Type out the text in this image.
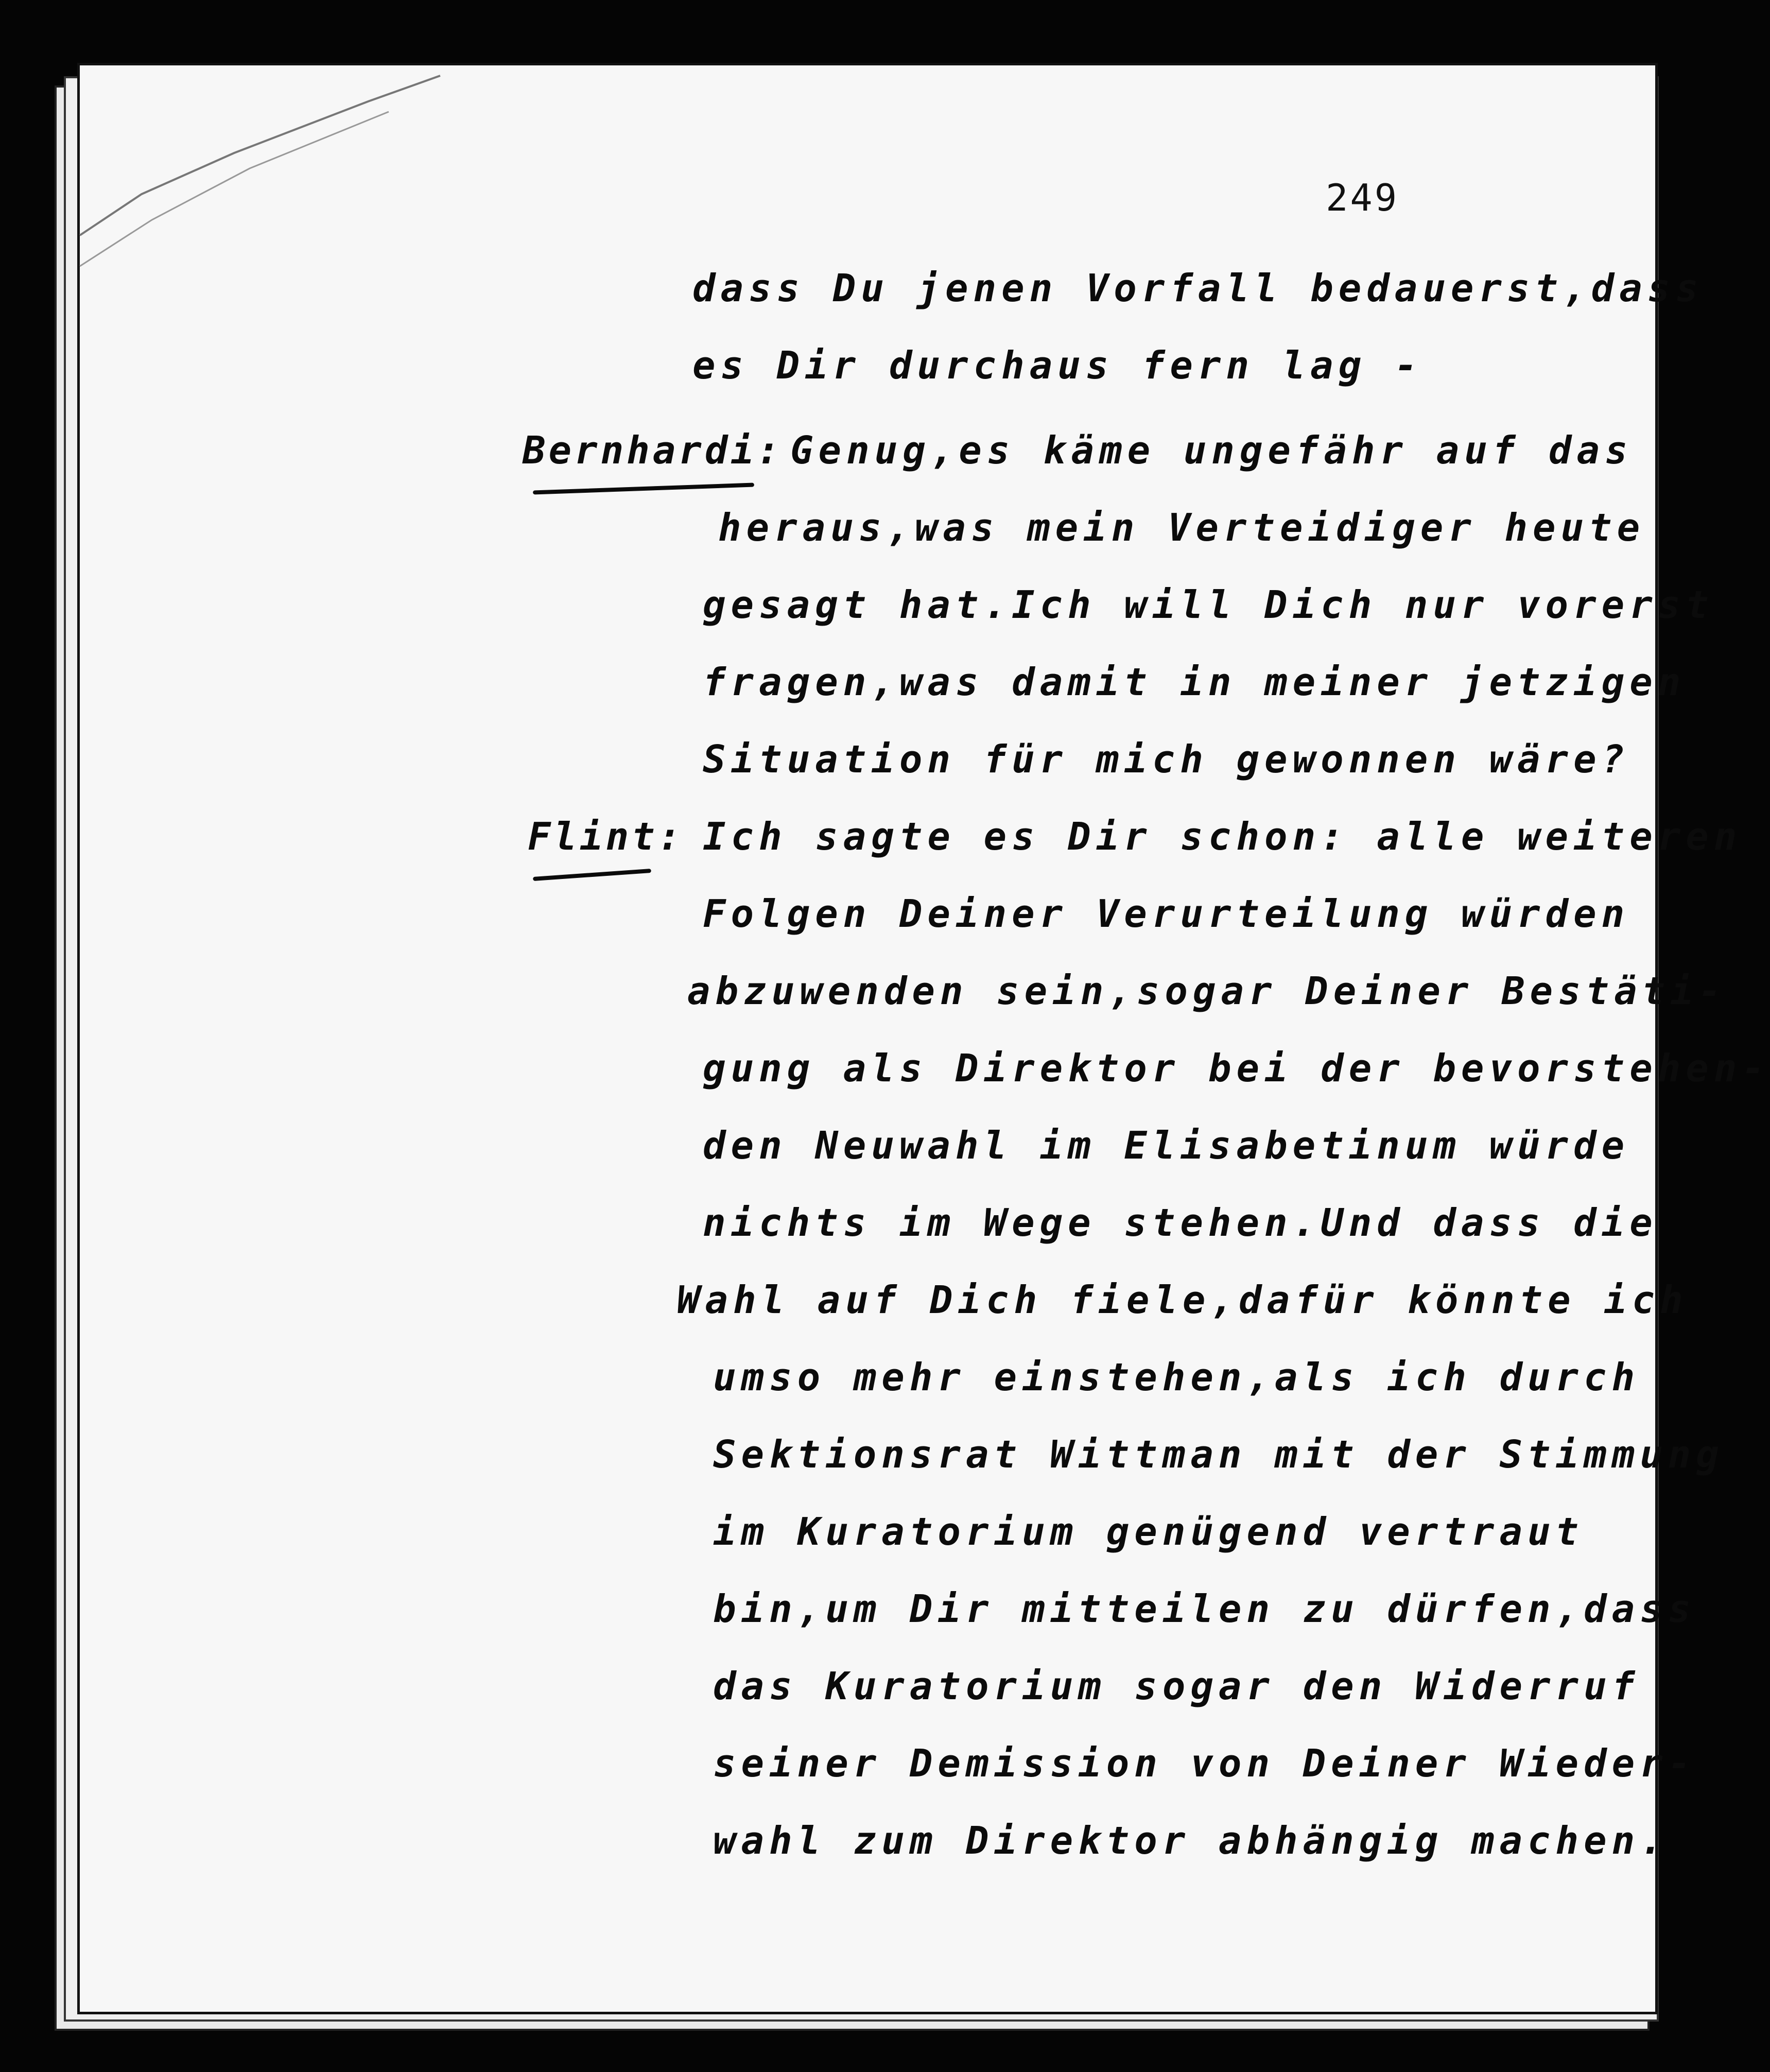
249
dass Du jenen Vorfall bedauerst,dass
es Dir durchaus fern lag -
Bernhardi: Genug,es käme ungefähr auf das
heraus,was mein Verteidiger heute
gesagt hat.Ich will Dich nur vorerst
fragen,was damit in meiner jetzigen
Situation für mich gewonnen wäre?
Flint: Ich sagte es Dir schon: alle weiteren
Folgen Deiner Verurteilung würden
abzuwenden sein,sogar Deiner Bestäti-
gung als Direktor bei der bevorstehen-
den Neuwahl im Elisabetinum würde
nichts im Wege stehen.Und dass die
Wahl auf Dich fiele,dafür könnte ich
umso mehr einstehen,als ich durch
Sektionsrat Wittman mit der Stimmung
im Kuratorium genügend vertraut
bin,um Dir mitteilen zu dürfen,dass
das Kuratorium sogar den Widerruf
seiner Demission von Deiner Wieder-
wahl zum Direktor abhängig machen.
